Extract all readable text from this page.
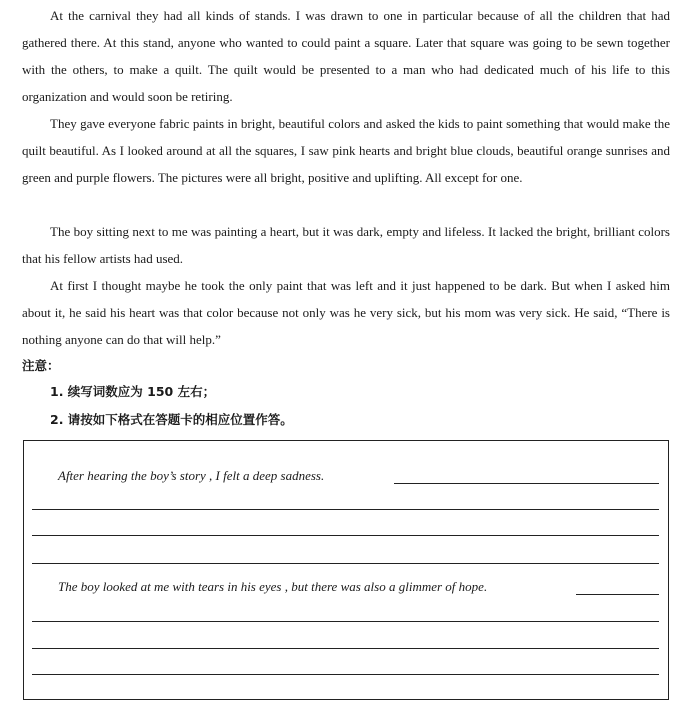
At the carnival they had all kinds of stands. I was drawn to one in particular because of all the children that had gathered there. At this stand, anyone who wanted to could paint a square. Later that square was going to be sewn together with the others, to make a quilt. The quilt would be presented to a man who had dedicated much of his life to this organization and would soon be retiring.

They gave everyone fabric paints in bright, beautiful colors and asked the kids to paint something that would make the quilt beautiful. As I looked around at all the squares, I saw pink hearts and bright blue clouds, beautiful orange sunrises and green and purple flowers. The pictures were all bright, positive and uplifting. All except for one.

The boy sitting next to me was painting a heart, but it was dark, empty and lifeless. It lacked the bright, brilliant colors that his fellow artists had used.

At first I thought maybe he took the only paint that was left and it just happened to be dark. But when I asked him about it, he said his heart was that color because not only was he very sick, but his mom was very sick. He said, “There is nothing anyone can do that will help.”

注意：
1. 续写词数应为 150 左右；
2. 请按如下格式在答题卡的相应位置作答。
After hearing the boy’s story , I felt a deep sadness.
The boy looked at me with tears in his eyes , but there was also a glimmer of hope.
